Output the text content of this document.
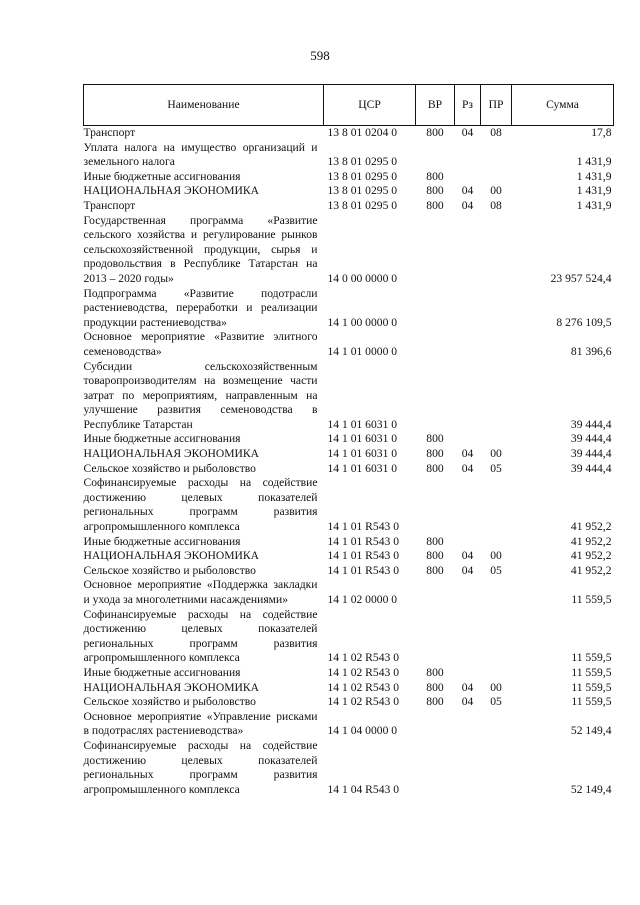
598
Наименование	ЦСР	ВР	Рз	ПР	Сумма
Транспорт	13 8 01 0204 0	800	04	08	17,8
Уплата налога на имущество организаций и земельного налога	13 8 01 0295 0				1 431,9
Иные бюджетные ассигнования	13 8 01 0295 0	800			1 431,9
НАЦИОНАЛЬНАЯ ЭКОНОМИКА	13 8 01 0295 0	800	04	00	1 431,9
Транспорт	13 8 01 0295 0	800	04	08	1 431,9
Государственная программа «Развитие сельского хозяйства и регулирование рынков сельскохозяйственной продукции, сырья и продовольствия в Республике Татарстан на 2013 – 2020 годы»	14 0 00 0000 0				23 957 524,4
Подпрограмма «Развитие подотрасли растениеводства, переработки и реализации продукции растениеводства»	14 1 00 0000 0				8 276 109,5
Основное мероприятие «Развитие элитного семеноводства»	14 1 01 0000 0				81 396,6
Субсидии сельскохозяйственным товаропроизводителям на возмещение части затрат по мероприятиям, направленным на улучшение развития семеноводства в Республике Татарстан	14 1 01 6031 0				39 444,4
Иные бюджетные ассигнования	14 1 01 6031 0	800			39 444,4
НАЦИОНАЛЬНАЯ ЭКОНОМИКА	14 1 01 6031 0	800	04	00	39 444,4
Сельское хозяйство и рыболовство	14 1 01 6031 0	800	04	05	39 444,4
Софинансируемые расходы на содействие достижению целевых показателей региональных программ развития агропромышленного комплекса	14 1 01 R543 0				41 952,2
Иные бюджетные ассигнования	14 1 01 R543 0	800			41 952,2
НАЦИОНАЛЬНАЯ ЭКОНОМИКА	14 1 01 R543 0	800	04	00	41 952,2
Сельское хозяйство и рыболовство	14 1 01 R543 0	800	04	05	41 952,2
Основное мероприятие «Поддержка закладки и ухода за многолетними насаждениями»	14 1 02 0000 0				11 559,5
Софинансируемые расходы на содействие достижению целевых показателей региональных программ развития агропромышленного комплекса	14 1 02 R543 0				11 559,5
Иные бюджетные ассигнования	14 1 02 R543 0	800			11 559,5
НАЦИОНАЛЬНАЯ ЭКОНОМИКА	14 1 02 R543 0	800	04	00	11 559,5
Сельское хозяйство и рыболовство	14 1 02 R543 0	800	04	05	11 559,5
Основное мероприятие «Управление рисками в подотраслях растениеводства»	14 1 04 0000 0				52 149,4
Софинансируемые расходы на содействие достижению целевых показателей региональных программ развития агропромышленного комплекса	14 1 04 R543 0				52 149,4
